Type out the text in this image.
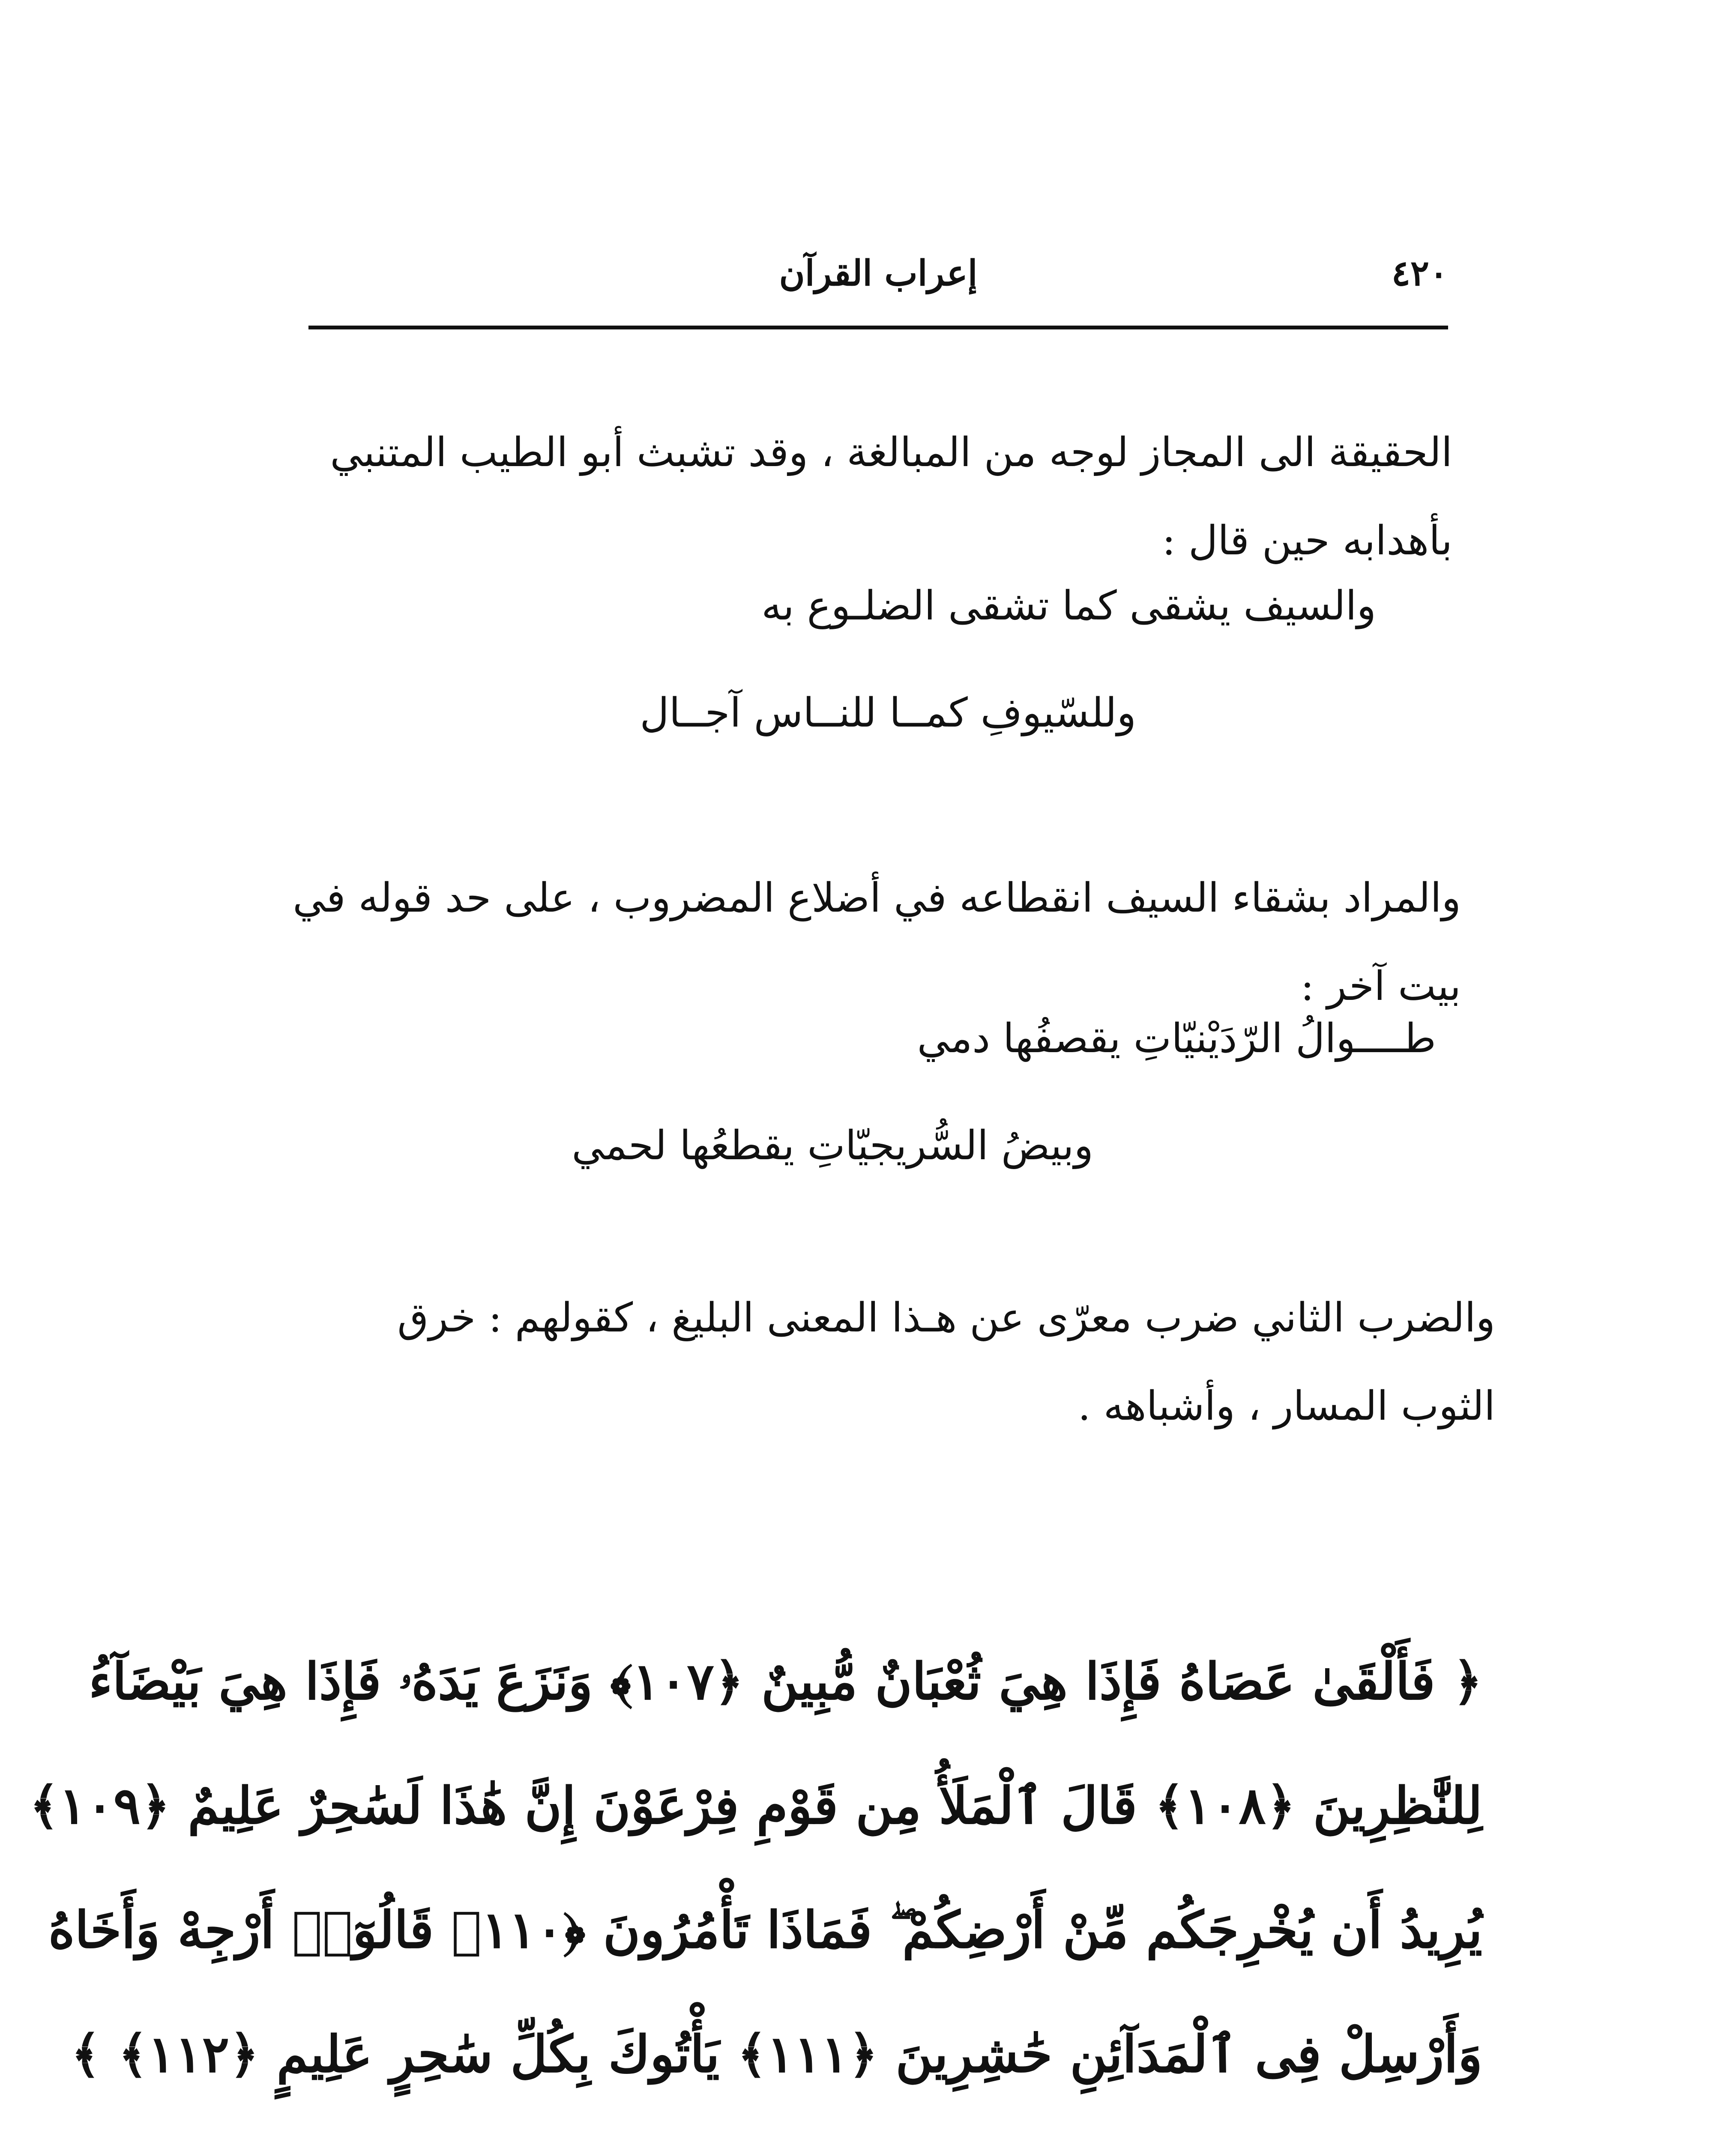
٤٢٠
إعراب القرآن

الحقيقة الى المجاز لوجه من المبالغة ، وقد تشبث أبو الطيب المتنبي بأهدابه حين قال :

والسيف يشقى كما تشقى الضلـوع به
وللسّيوفِ كمــا للنــاس آجــال

والمراد بشقاء السيف انقطاعه في أضلاع المضروب ، على حد قوله في بيت آخر :

طــــوالُ الرّدَيْنيّاتِ يقصفُها دمي
وبيضُ السُّريجيّاتِ يقطعُها لحمي

والضرب الثاني ضرب معرّى عن هـذا المعنى البليغ ، كقولهم : خرق الثوب المسار ، وأشباهه .

﴿ فَأَلْقَىٰ عَصَاهُ فَإِذَا هِيَ ثُعْبَانٌ مُّبِينٌ ﴿١٠٧﴾ وَنَزَعَ يَدَهُۥ فَإِذَا هِيَ بَيْضَآءُ
لِلنَّٰظِرِينَ ﴿١٠٨﴾ قَالَ ٱلْمَلَأُ مِن قَوْمِ فِرْعَوْنَ إِنَّ هَٰذَا لَسَٰحِرٌ عَلِيمٌ ﴿١٠٩﴾
يُرِيدُ أَن يُخْرِجَكُم مِّنْ أَرْضِكُمْ ۖ فَمَاذَا تَأْمُرُونَ ﴿١١٠﴾ قَالُوٓا۟ أَرْجِهْ وَأَخَاهُ
وَأَرْسِلْ فِى ٱلْمَدَآئِنِ حَٰشِرِينَ ﴿١١١﴾ يَأْتُوكَ بِكُلِّ سَٰحِرٍ عَلِيمٍ ﴿١١٢﴾ ﴾
